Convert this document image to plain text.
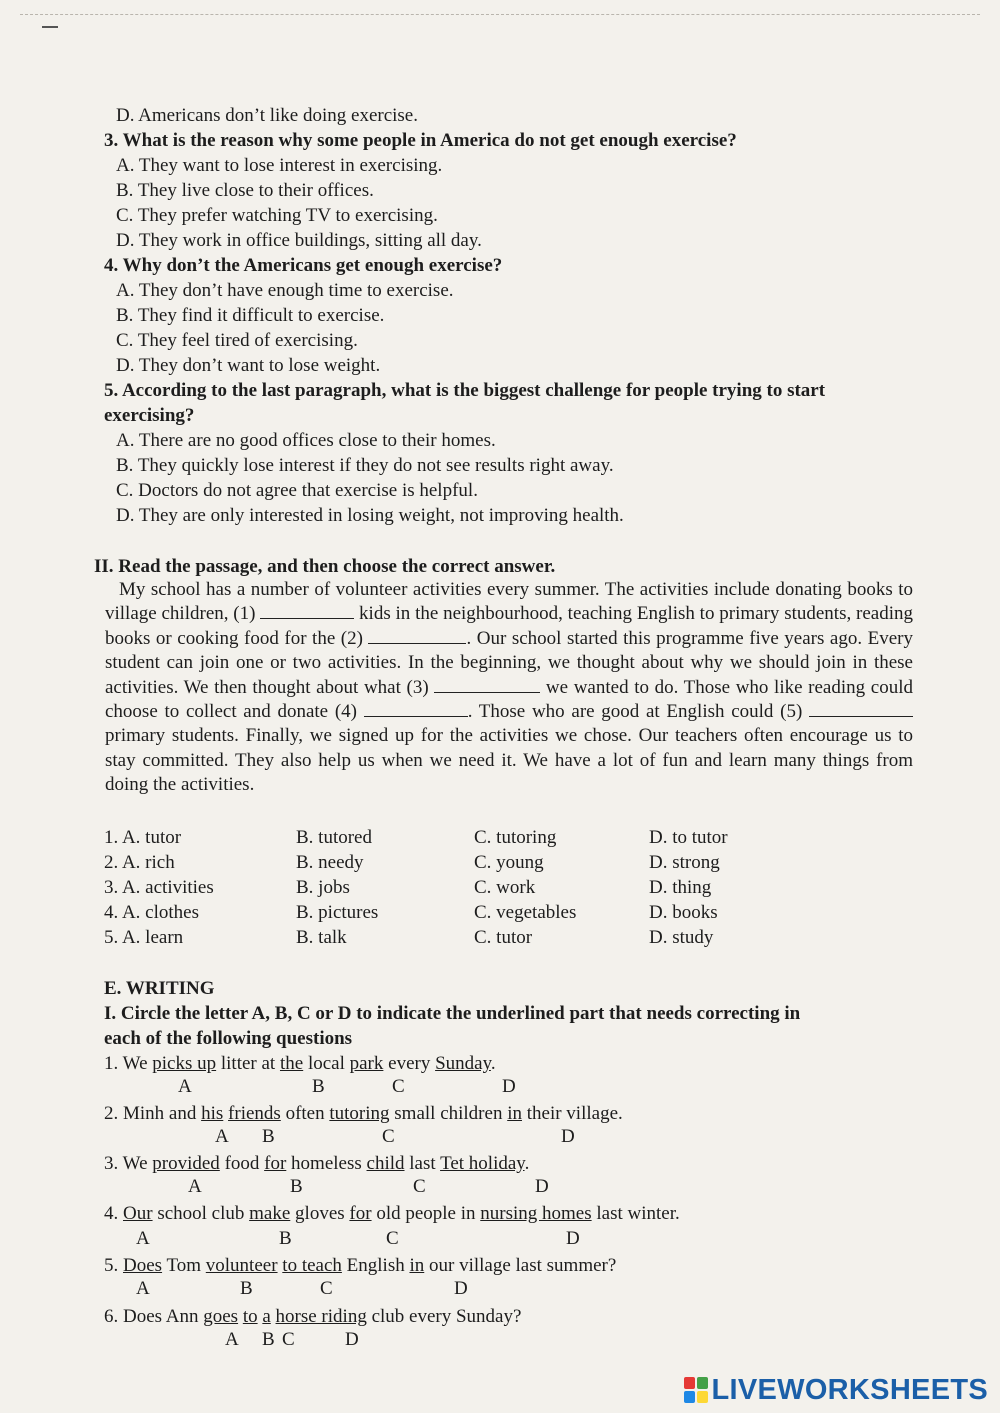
D. Americans don’t like doing exercise.
3. What is the reason why some people in America do not get enough exercise?
A. They want to lose interest in exercising.
B. They live close to their offices.
C. They prefer watching TV to exercising.
D. They work in office buildings, sitting all day.
4. Why don’t the Americans get enough exercise?
A. They don’t have enough time to exercise.
B. They find it difficult to exercise.
C. They feel tired of exercising.
D. They don’t want to lose weight.
5. According to the last paragraph, what is the biggest challenge for people trying to start
exercising?
A. There are no good offices close to their homes.
B. They quickly lose interest if they do not see results right away.
C. Doctors do not agree that exercise is helpful.
D. They are only interested in losing weight, not improving health.
II. Read the passage, and then choose the correct answer.

My school has a number of volunteer activities every summer. The activities include donating books to village children, (1)	kids in the neighbourhood, teaching English to primary students, reading books or cooking food for the (2)	. Our school started this programme five years ago. Every student can join one or two activities. In the beginning, we thought about why we should join in these activities. We then thought about what (3)	we wanted to do. Those who like reading could choose to collect and donate (4)	. Those who are good at English could (5)  primary students. Finally, we signed up for the activities we chose. Our teachers often encourage us to stay committed. They also help us when we need it. We have a lot of fun and learn many things from doing the activities.

1. A. tutor	B. tutored	C. tutoring	D. to tutor
2. A. rich	B. needy	C. young	D. strong
3. A. activities	B. jobs	C. work	D. thing
4. A. clothes	B. pictures	C. vegetables	D. books
5. A. learn	B. talk	C. tutor	D. study
E. WRITING
I. Circle the letter A, B, C or D to indicate the underlined part that needs correcting in
each of the following questions
1. We picks up litter at the local park every Sunday.
A	B	C	D
2. Minh and his friends often tutoring small children in their village.
A B	C	D
3. We provided food for homeless child last Tet holiday.
A	B	C	D
4. Our school club make gloves for old people in nursing homes last winter.
A	B	C	D
5. Does Tom volunteer to teach English in our village last summer?
A	B	C	D
6. Does Ann goes to a horse riding club every Sunday?
A B C	D
LIVEWORKSHEETS
